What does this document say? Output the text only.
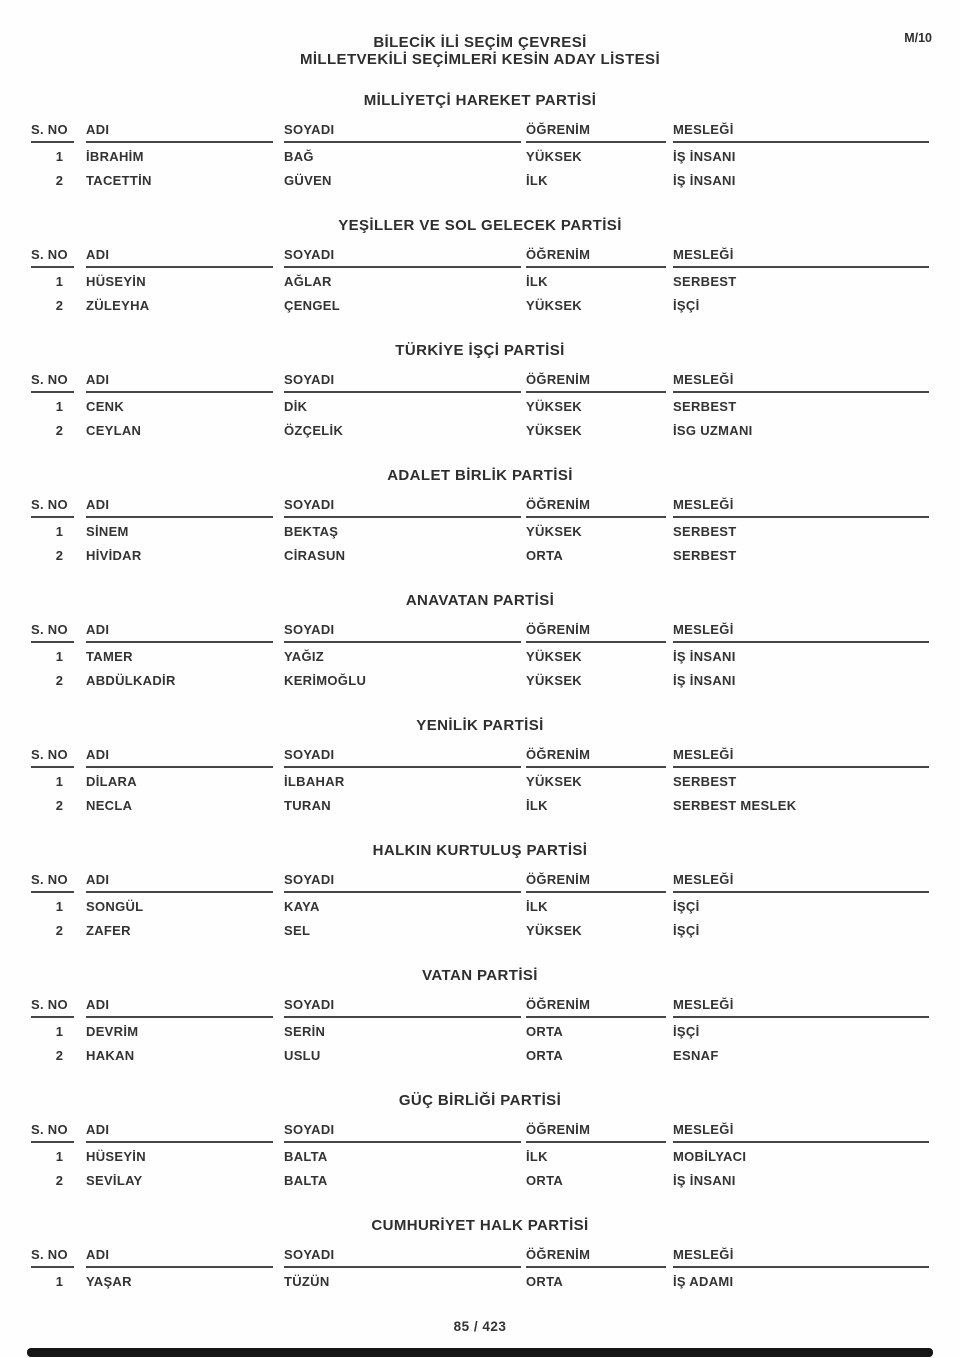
BİLECİK İLİ SEÇİM ÇEVRESİ
MİLLETVEKİLİ SEÇİMLERİ KESİN ADAY LİSTESİ
M/10
MİLLİYETÇİ HAREKET PARTİSİ
S. NO	ADI	SOYADI	ÖĞRENİM	MESLEĞİ
1	İBRAHİM	BAĞ	YÜKSEK	İŞ İNSANI
2	TACETTİN	GÜVEN	İLK	İŞ İNSANI
YEŞİLLER VE SOL GELECEK PARTİSİ
S. NO	ADI	SOYADI	ÖĞRENİM	MESLEĞİ
1	HÜSEYİN	AĞLAR	İLK	SERBEST
2	ZÜLEYHA	ÇENGEL	YÜKSEK	İŞÇİ
TÜRKİYE İŞÇİ PARTİSİ
S. NO	ADI	SOYADI	ÖĞRENİM	MESLEĞİ
1	CENK	DİK	YÜKSEK	SERBEST
2	CEYLAN	ÖZÇELİK	YÜKSEK	İSG UZMANI
ADALET BİRLİK PARTİSİ
S. NO	ADI	SOYADI	ÖĞRENİM	MESLEĞİ
1	SİNEM	BEKTAŞ	YÜKSEK	SERBEST
2	HİVİDAR	CİRASUN	ORTA	SERBEST
ANAVATAN PARTİSİ
S. NO	ADI	SOYADI	ÖĞRENİM	MESLEĞİ
1	TAMER	YAĞIZ	YÜKSEK	İŞ İNSANI
2	ABDÜLKADİR	KERİMOĞLU	YÜKSEK	İŞ İNSANI
YENİLİK PARTİSİ
S. NO	ADI	SOYADI	ÖĞRENİM	MESLEĞİ
1	DİLARA	İLBAHAR	YÜKSEK	SERBEST
2	NECLA	TURAN	İLK	SERBEST MESLEK
HALKIN KURTULUŞ PARTİSİ
S. NO	ADI	SOYADI	ÖĞRENİM	MESLEĞİ
1	SONGÜL	KAYA	İLK	İŞÇİ
2	ZAFER	SEL	YÜKSEK	İŞÇİ
VATAN PARTİSİ
S. NO	ADI	SOYADI	ÖĞRENİM	MESLEĞİ
1	DEVRİM	SERİN	ORTA	İŞÇİ
2	HAKAN	USLU	ORTA	ESNAF
GÜÇ BİRLİĞİ PARTİSİ
S. NO	ADI	SOYADI	ÖĞRENİM	MESLEĞİ
1	HÜSEYİN	BALTA	İLK	MOBİLYACI
2	SEVİLAY	BALTA	ORTA	İŞ İNSANI
CUMHURİYET HALK PARTİSİ
S. NO	ADI	SOYADI	ÖĞRENİM	MESLEĞİ
1	YAŞAR	TÜZÜN	ORTA	İŞ ADAMI
85 / 423
